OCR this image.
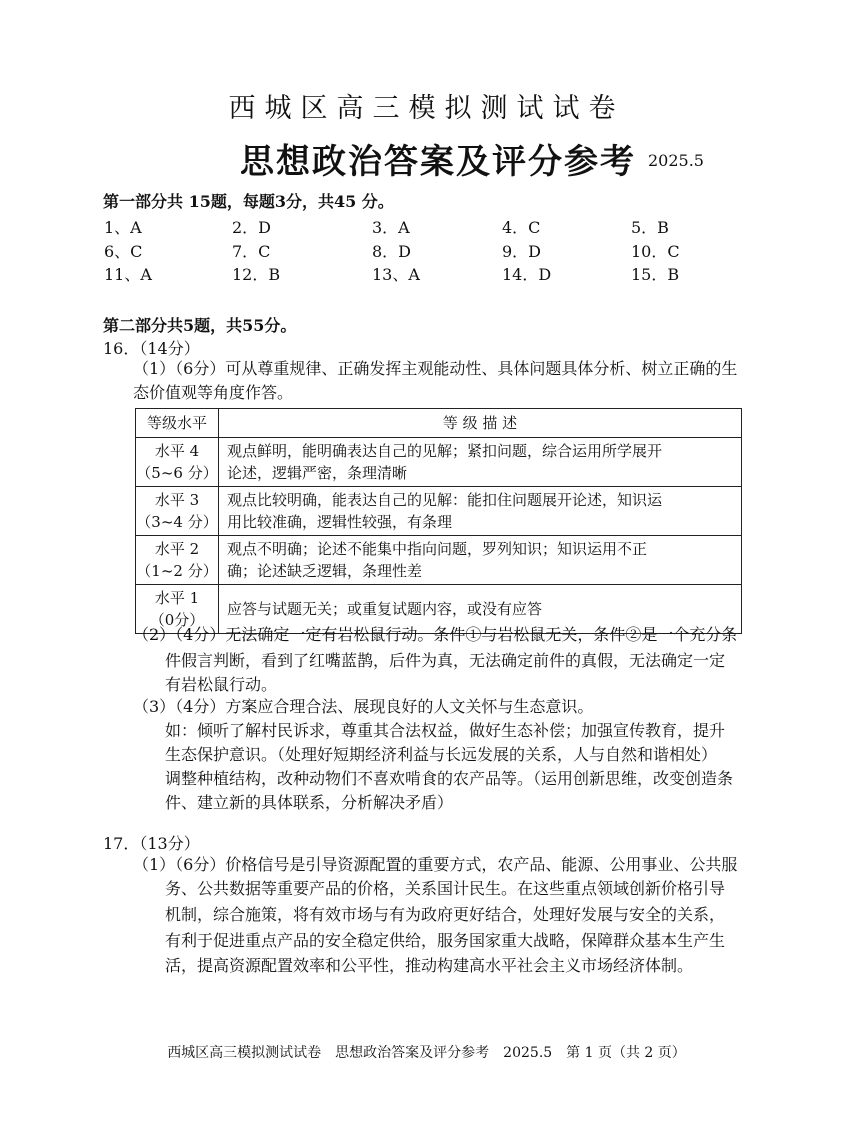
西城区高三模拟测试试卷
思想政治答案及评分参考 2025.5
第一部分共 15题，每题3分，共45 分。
1、A	2．D	3．A	4．C	5．B
6、C	7．C	8．D	9．D	10．C
11、A	12．B	13、A	14．D	15．B
第二部分共5题，共55分。
16．（14分）
（1）（6分）可从尊重规律、正确发挥主观能动性、具体问题具体分析、树立正确的生
态价值观等角度作答。
等级水平	等 级 描 述
水平 4
（5~6 分）	观点鲜明，能明确表达自己的见解；紧扣问题，综合运用所学展开
论述，逻辑严密，条理清晰
水平 3
（3~4 分）	观点比较明确，能表达自己的见解：能扣住问题展开论述，知识运
用比较准确，逻辑性较强，有条理
水平 2
（1~2 分）	观点不明确；论述不能集中指向问题，罗列知识；知识运用不正
确；论述缺乏逻辑，条理性差
水平 1
（0分）	应答与试题无关；或重复试题内容，或没有应答
（2）（4分）无法确定一定有岩松鼠行动。条件①与岩松鼠无关，条件②是一个充分条
件假言判断，看到了红嘴蓝鹊，后件为真，无法确定前件的真假，无法确定一定
有岩松鼠行动。
（3）（4分）方案应合理合法、展现良好的人文关怀与生态意识。
如：倾听了解村民诉求，尊重其合法权益，做好生态补偿；加强宣传教育，提升
生态保护意识。（处理好短期经济利益与长远发展的关系，人与自然和谐相处）
调整种植结构，改种动物们不喜欢啃食的农产品等。（运用创新思维，改变创造条
件、建立新的具体联系，分析解决矛盾）
17．（13分）
（1）（6分）价格信号是引导资源配置的重要方式，农产品、能源、公用事业、公共服
务、公共数据等重要产品的价格，关系国计民生。在这些重点领域创新价格引导
机制，综合施策，将有效市场与有为政府更好结合，处理好发展与安全的关系，
有利于促进重点产品的安全稳定供给，服务国家重大战略，保障群众基本生产生
活，提高资源配置效率和公平性，推动构建高水平社会主义市场经济体制。
西城区高三模拟测试试卷　思想政治答案及评分参考　2025.5　第 1 页（共 2 页）
